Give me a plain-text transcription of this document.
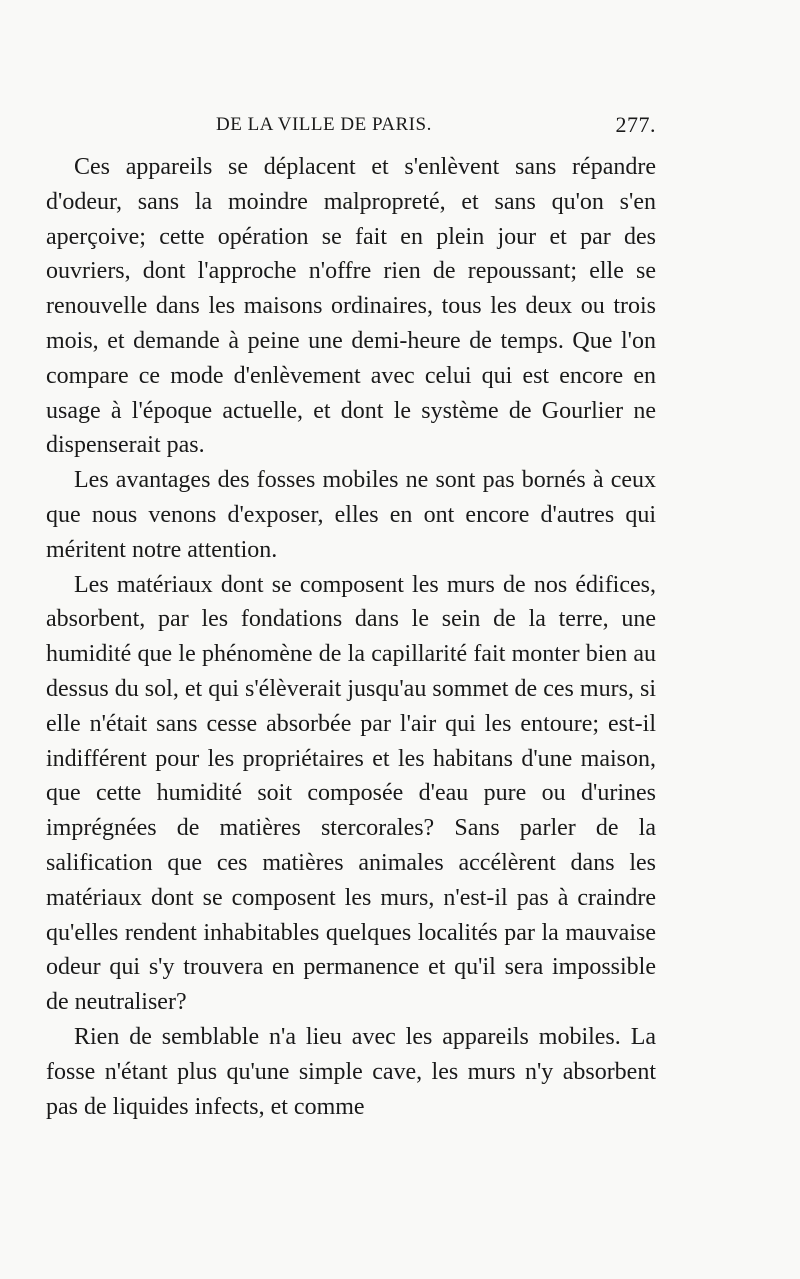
DE LA VILLE DE PARIS.	277.

Ces appareils se déplacent et s'enlèvent sans répandre d'odeur, sans la moindre malpropreté, et sans qu'on s'en aperçoive; cette opération se fait en plein jour et par des ouvriers, dont l'approche n'offre rien de repoussant; elle se renouvelle dans les maisons ordinaires, tous les deux ou trois mois, et demande à peine une demi-heure de temps. Que l'on compare ce mode d'enlèvement avec celui qui est encore en usage à l'époque actuelle, et dont le système de Gourlier ne dispenserait pas.

Les avantages des fosses mobiles ne sont pas bornés à ceux que nous venons d'exposer, elles en ont encore d'autres qui méritent notre attention.

Les matériaux dont se composent les murs de nos édifices, absorbent, par les fondations dans le sein de la terre, une humidité que le phénomène de la capillarité fait monter bien au dessus du sol, et qui s'élèverait jusqu'au sommet de ces murs, si elle n'était sans cesse absorbée par l'air qui les entoure; est-il indifférent pour les propriétaires et les habitans d'une maison, que cette humidité soit composée d'eau pure ou d'urines imprégnées de matières stercorales? Sans parler de la salification que ces matières animales accélèrent dans les matériaux dont se composent les murs, n'est-il pas à craindre qu'elles rendent inhabitables quelques localités par la mauvaise odeur qui s'y trouvera en permanence et qu'il sera impossible de neutraliser?

Rien de semblable n'a lieu avec les appareils mobiles. La fosse n'étant plus qu'une simple cave, les murs n'y absorbent pas de liquides infects, et comme
